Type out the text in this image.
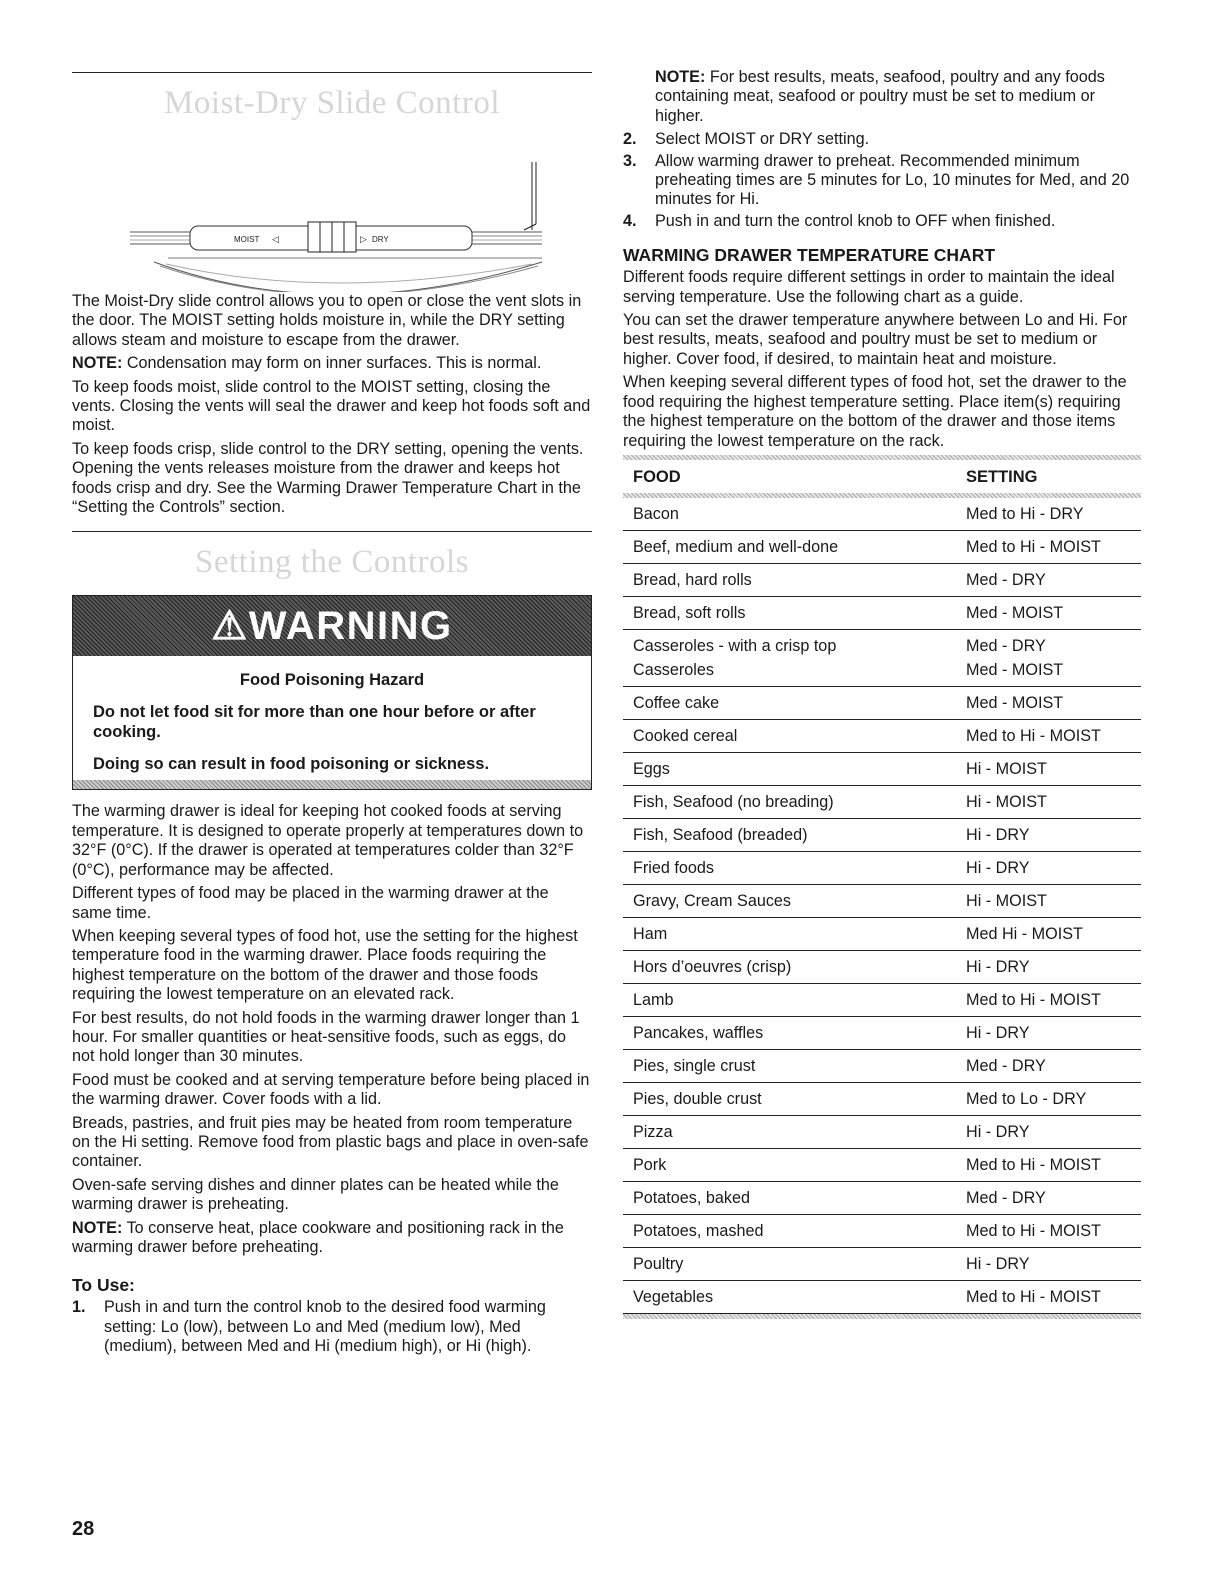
Moist-Dry Slide Control
MOIST ◁	▷ DRY

The Moist-Dry slide control allows you to open or close the vent slots in the door. The MOIST setting holds moisture in, while the DRY setting allows steam and moisture to escape from the drawer.

NOTE: Condensation may form on inner surfaces. This is normal.

To keep foods moist, slide control to the MOIST setting, closing the vents. Closing the vents will seal the drawer and keep hot foods soft and moist.

To keep foods crisp, slide control to the DRY setting, opening the vents. Opening the vents releases moisture from the drawer and keeps hot foods crisp and dry. See the Warming Drawer Temperature Chart in the “Setting the Controls” section.

Setting the Controls
⚠WARNING
Food Poisoning Hazard
Do not let food sit for more than one hour before or after cooking.
Doing so can result in food poisoning or sickness.

The warming drawer is ideal for keeping hot cooked foods at serving temperature. It is designed to operate properly at temperatures down to 32°F (0°C). If the drawer is operated at temperatures colder than 32°F (0°C), performance may be affected.

Different types of food may be placed in the warming drawer at the same time.

When keeping several types of food hot, use the setting for the highest temperature food in the warming drawer. Place foods requiring the highest temperature on the bottom of the drawer and those foods requiring the lowest temperature on an elevated rack.

For best results, do not hold foods in the warming drawer longer than 1 hour. For smaller quantities or heat-sensitive foods, such as eggs, do not hold longer than 30 minutes.

Food must be cooked and at serving temperature before being placed in the warming drawer. Cover foods with a lid.

Breads, pastries, and fruit pies may be heated from room temperature on the Hi setting. Remove food from plastic bags and place in oven-safe container.

Oven-safe serving dishes and dinner plates can be heated while the warming drawer is preheating.

NOTE: To conserve heat, place cookware and positioning rack in the warming drawer before preheating.

To Use:
1. Push in and turn the control knob to the desired food warming setting: Lo (low), between Lo and Med (medium low), Med (medium), between Med and Hi (medium high), or Hi (high).

NOTE: For best results, meats, seafood, poultry and any foods containing meat, seafood or poultry must be set to medium or higher.

2. Select MOIST or DRY setting.
3. Allow warming drawer to preheat. Recommended minimum preheating times are 5 minutes for Lo, 10 minutes for Med, and 20 minutes for Hi.
4. Push in and turn the control knob to OFF when finished.
WARMING DRAWER TEMPERATURE CHART

Different foods require different settings in order to maintain the ideal serving temperature. Use the following chart as a guide.

You can set the drawer temperature anywhere between Lo and Hi. For best results, meats, seafood and poultry must be set to medium or higher. Cover food, if desired, to maintain heat and moisture.

When keeping several different types of food hot, set the drawer to the food requiring the highest temperature setting. Place item(s) requiring the highest temperature on the bottom of the drawer and those items requiring the lowest temperature on the rack.

FOOD	SETTING

Bacon	Med to Hi - DRY
Beef, medium and well-done	Med to Hi - MOIST
Bread, hard rolls	Med - DRY
Bread, soft rolls	Med - MOIST
Casseroles - with a crisp top	Med - DRY
Casseroles	Med - MOIST
Coffee cake	Med - MOIST
Cooked cereal	Med to Hi - MOIST
Eggs	Hi - MOIST
Fish, Seafood (no breading)	Hi - MOIST
Fish, Seafood (breaded)	Hi - DRY
Fried foods	Hi - DRY
Gravy, Cream Sauces	Hi - MOIST
Ham	Med Hi - MOIST
Hors d’oeuvres (crisp)	Hi - DRY
Lamb	Med to Hi - MOIST
Pancakes, waffles	Hi - DRY
Pies, single crust	Med - DRY
Pies, double crust	Med to Lo - DRY
Pizza	Hi - DRY
Pork	Med to Hi - MOIST
Potatoes, baked	Med - DRY
Potatoes, mashed	Med to Hi - MOIST
Poultry	Hi - DRY
Vegetables	Med to Hi - MOIST
28
